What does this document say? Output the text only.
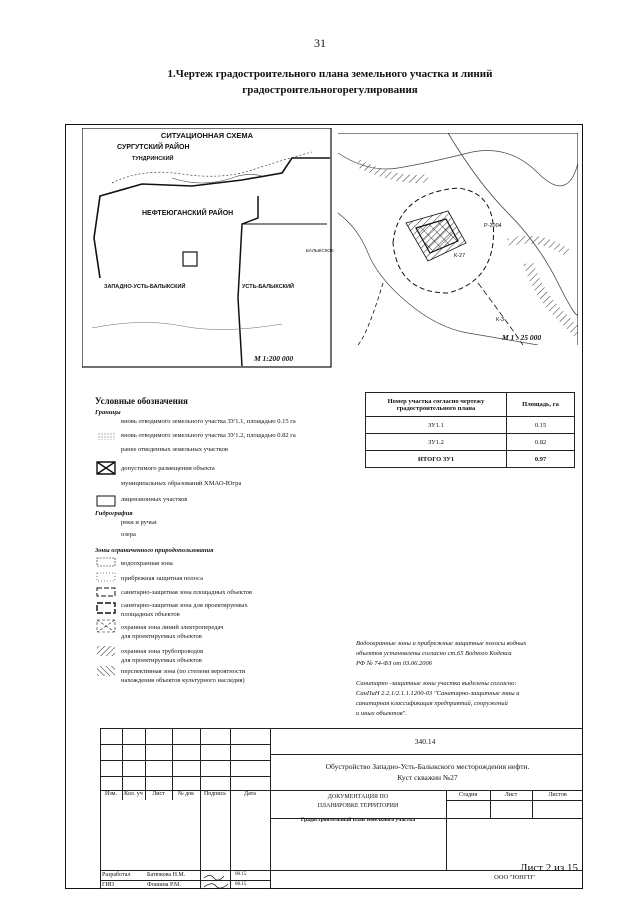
31
1.Чертеж градостроительного плана земельного участка и линий
градостроительногорегулирования
СИТУАЦИОННАЯ СХЕМА
СУРГУТСКИЙ РАЙОН
ТУНДРИНСКИЙ
НЕФТЕЮГАНСКИЙ РАЙОН
ЗАПАДНО-УСТЬ-БАЛЫКСКИЙ	УСТЬ-БАЛЫКСКИЙ
БАЛЫКСКОЕ
М 1:200 000
Р-2004
К-27
К-3
М 1 : 25 000
Условные обозначения
Границы
вновь отводимого земельного участка ЗУ1.1, площадью 0.15 га
вновь отводимого земельного участка ЗУ1.2, площадью 0.82 га
ранее отведенных земельных участков
допустимого размещения объекта
муниципальных образований ХМАО-Югра
лицензионных участков
Гидрография
реки и ручьи
озера
Зоны ограниченного природопользования
водоохранная зона
прибрежная защитная полоса
санитарно-защитная зона площадных объектов
санитарно-защитная зона для проектируемых
площадных объектов
охранная зона линий электропередач
для проектируемых объектов
охранная зона трубопроводов
для проектируемых объектов
перспективная зона (по степени вероятности
нахождения объектов культурного наследия)
Номер участка согласно чертежу градостроительного плана	Площадь, га
ЗУ1.1	0.15
ЗУ1.2	0.82
ИТОГО ЗУ1	0.97
Водоохранные зоны и прибрежные защитные полосы водных
объектов установлены согласно ст.65 Водного Кодекса
РФ № 74-ФЗ от 03.06.2006
Санитарно -защитные зоны участка выделены согласно:
СанПиН 2.2.1/2.1.1.1200-03 "Санитарно-защитные зоны и
санитарная классификация предприятий, сооружений
и иных объектов".
340.14
Обустройство Западно-Усть-Балыкского месторождения нефти.
Куст скважин №27
Изм.	Кол. уч	Лист	№ док	Подпись	Дата	ДОКУМЕНТАЦИЯ ПО
ПЛАНИРОВКЕ ТЕРРИТОРИИ
Градостроительный план земельного участка
Стадия	Лист	Листов
Разработал	Батюкова Н.М.	08.15
ГИП	Фошина Р.М.	08.15
ООО "ЮНГП"
Лист 2 из 15
